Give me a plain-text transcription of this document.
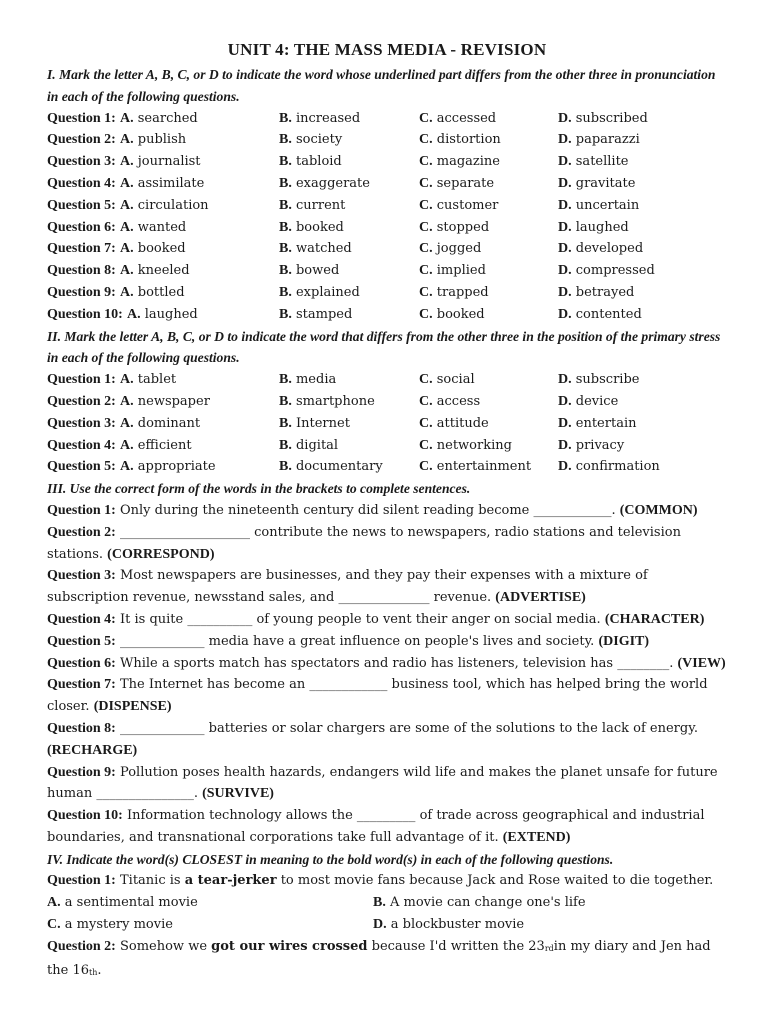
UNIT 4: THE MASS MEDIA - REVISION

I. Mark the letter A, B, C, or D to indicate the word whose underlined part differs from the other three in pronunciation in each of the following questions.

Question 1: A. searched	B. increased	C. accessed	D. subscribed
Question 2: A. publish	B. society	C. distortion	D. paparazzi
Question 3: A. journalist	B. tabloid	C. magazine	D. satellite
Question 4: A. assimilate	B. exaggerate	C. separate	D. gravitate
Question 5: A. circulation	B. current	C. customer	D. uncertain
Question 6: A. wanted	B. booked	C. stopped	D. laughed
Question 7: A. booked	B. watched	C. jogged	D. developed
Question 8: A. kneeled	B. bowed	C. implied	D. compressed
Question 9: A. bottled	B. explained	C. trapped	D. betrayed
Question 10: A. laughed	B. stamped	C. booked	D. contented

II. Mark the letter A, B, C, or D to indicate the word that differs from the other three in the position of the primary stress in each of the following questions.

Question 1: A. tablet	B. media	C. social	D. subscribe
Question 2: A. newspaper	B. smartphone	C. access	D. device
Question 3: A. dominant	B. Internet	C. attitude	D. entertain
Question 4: A. efficient	B. digital	C. networking	D. privacy
Question 5: A. appropriate	B. documentary	C. entertainment	D. confirmation

III. Use the correct form of the words in the brackets to complete sentences.

Question 1: Only during the nineteenth century did silent reading become ____________. (COMMON)

Question 2: ____________________ contribute the news to newspapers, radio stations and television stations. (CORRESPOND)

Question 3: Most newspapers are businesses, and they pay their expenses with a mixture of subscription revenue, newsstand sales, and ______________ revenue. (ADVERTISE)

Question 4: It is quite __________ of young people to vent their anger on social media. (CHARACTER)

Question 5: _____________ media have a great influence on people's lives and society. (DIGIT)

Question 6: While a sports match has spectators and radio has listeners, television has ________. (VIEW)

Question 7: The Internet has become an ____________ business tool, which has helped bring the world closer. (DISPENSE)

Question 8: _____________ batteries or solar chargers are some of the solutions to the lack of energy. (RECHARGE)

Question 9: Pollution poses health hazards, endangers wild life and makes the planet unsafe for future human _______________. (SURVIVE)

Question 10: Information technology allows the _________ of trade across geographical and industrial boundaries, and transnational corporations take full advantage of it. (EXTEND)

IV. Indicate the word(s) CLOSEST in meaning to the bold word(s) in each of the following questions.

Question 1: Titanic is a tear-jerker to most movie fans because Jack and Rose waited to die together.

A. a sentimental movie	B. A movie can change one's life
C. a mystery movie	D. a blockbuster movie

Question 2: Somehow we got our wires crossed because I'd written the $23_{rd}in$ my diary and Jen had the $16_{th}$.
